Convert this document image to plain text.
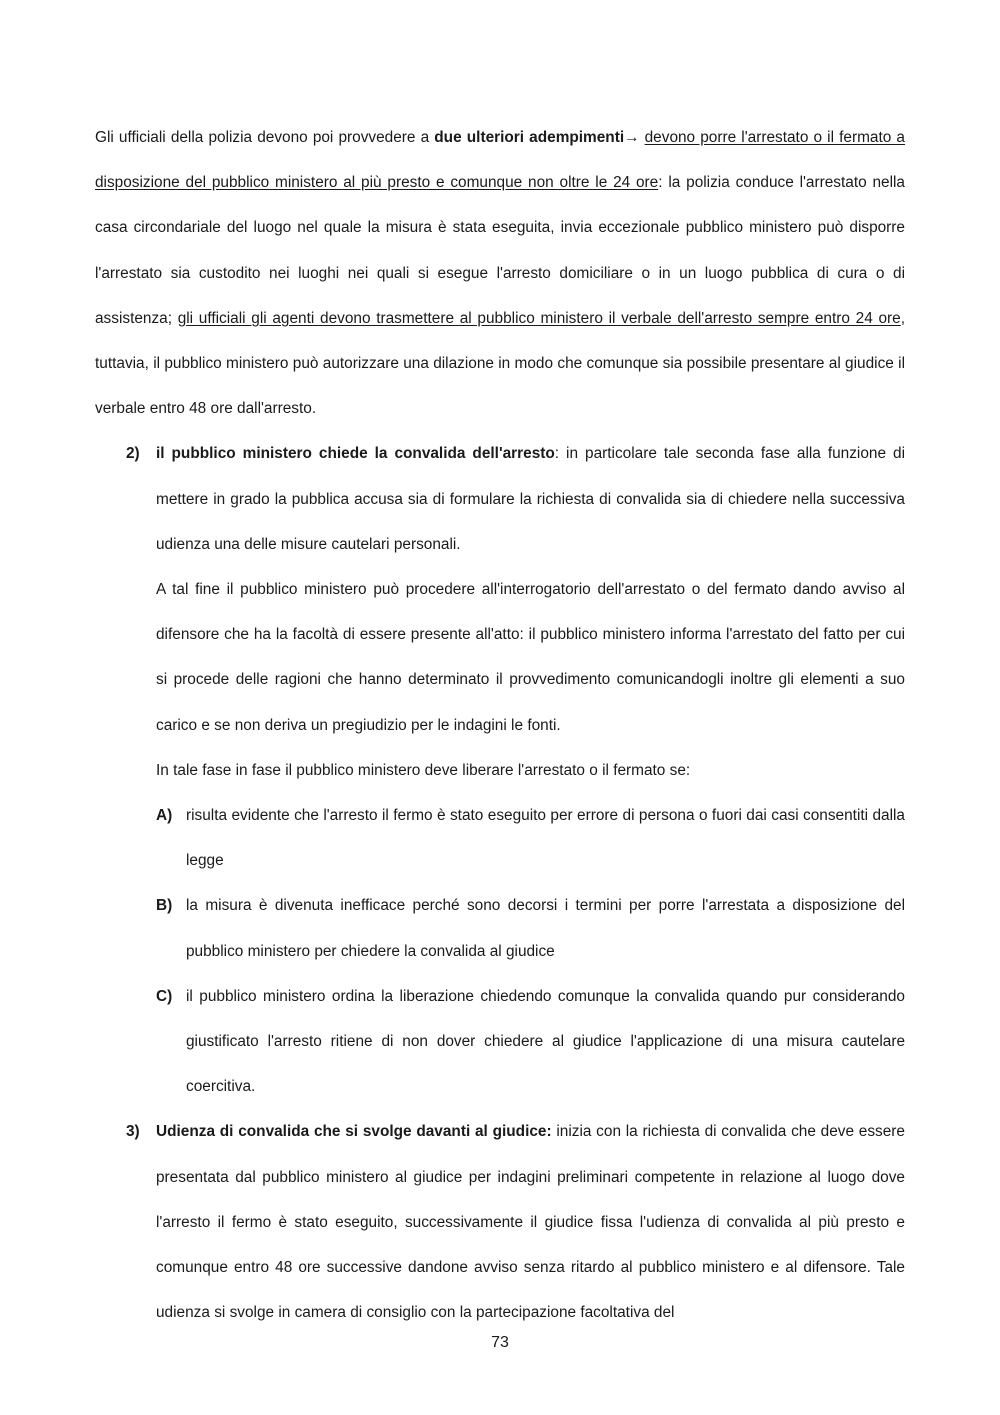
Gli ufficiali della polizia devono poi provvedere a due ulteriori adempimenti→ devono porre l'arrestato o il fermato a disposizione del pubblico ministero al più presto e comunque non oltre le 24 ore: la polizia conduce l'arrestato nella casa circondariale del luogo nel quale la misura è stata eseguita, invia eccezionale pubblico ministero può disporre l'arrestato sia custodito nei luoghi nei quali si esegue l'arresto domiciliare o in un luogo pubblica di cura o di assistenza; gli ufficiali gli agenti devono trasmettere al pubblico ministero il verbale dell'arresto sempre entro 24 ore, tuttavia, il pubblico ministero può autorizzare una dilazione in modo che comunque sia possibile presentare al giudice il verbale entro 48 ore dall'arresto.

2) il pubblico ministero chiede la convalida dell'arresto: in particolare tale seconda fase alla funzione di mettere in grado la pubblica accusa sia di formulare la richiesta di convalida sia di chiedere nella successiva udienza una delle misure cautelari personali.

A tal fine il pubblico ministero può procedere all'interrogatorio dell'arrestato o del fermato dando avviso al difensore che ha la facoltà di essere presente all'atto: il pubblico ministero informa l'arrestato del fatto per cui si procede delle ragioni che hanno determinato il provvedimento comunicandogli inoltre gli elementi a suo carico e se non deriva un pregiudizio per le indagini le fonti.

In tale fase in fase il pubblico ministero deve liberare l'arrestato o il fermato se:

A) risulta evidente che l'arresto il fermo è stato eseguito per errore di persona o fuori dai casi consentiti dalla legge

B) la misura è divenuta inefficace perché sono decorsi i termini per porre l'arrestata a disposizione del pubblico ministero per chiedere la convalida al giudice

C) il pubblico ministero ordina la liberazione chiedendo comunque la convalida quando pur considerando giustificato l'arresto ritiene di non dover chiedere al giudice l'applicazione di una misura cautelare coercitiva.

3) Udienza di convalida che si svolge davanti al giudice: inizia con la richiesta di convalida che deve essere presentata dal pubblico ministero al giudice per indagini preliminari competente in relazione al luogo dove l'arresto il fermo è stato eseguito, successivamente il giudice fissa l'udienza di convalida al più presto e comunque entro 48 ore successive dandone avviso senza ritardo al pubblico ministero e al difensore. Tale udienza si svolge in camera di consiglio con la partecipazione facoltativa del

73
